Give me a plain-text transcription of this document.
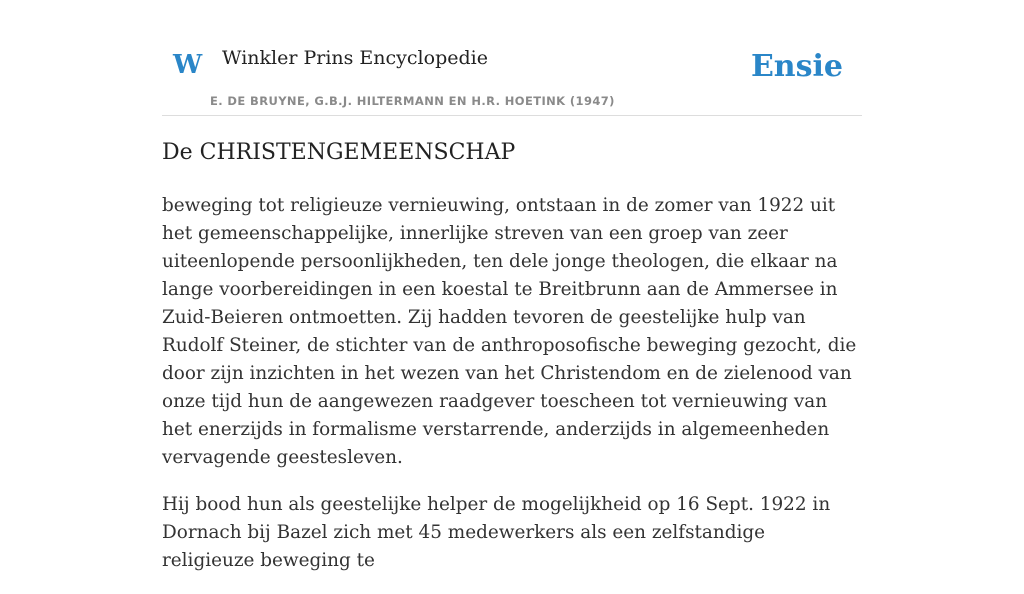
W Winkler Prins Encyclopedie
E. DE BRUYNE, G.B.J. HILTERMANN EN H.R. HOETINK (1947)
Ensie
De CHRISTENGEMEENSCHAP

beweging tot religieuze vernieuwing, ontstaan in de zomer van 1922 uit het gemeenschappelijke, innerlijke streven van een groep van zeer uiteenlopende persoonlijkheden, ten dele jonge theologen, die elkaar na lange voorbereidingen in een koestal te Breitbrunn aan de Ammersee in Zuid-Beieren ontmoetten. Zij hadden tevoren de geestelijke hulp van Rudolf Steiner, de stichter van de anthroposofische beweging gezocht, die door zijn inzichten in het wezen van het Christendom en de zielenood van onze tijd hun de aangewezen raadgever toescheen tot vernieuwing van het enerzijds in formalisme verstarrende, anderzijds in algemeenheden vervagende geestesleven.

Hij bood hun als geestelijke helper de mogelijkheid op 16 Sept. 1922 in Dornach bij Bazel zich met 45 medewerkers als een zelfstandige religieuze beweging te
